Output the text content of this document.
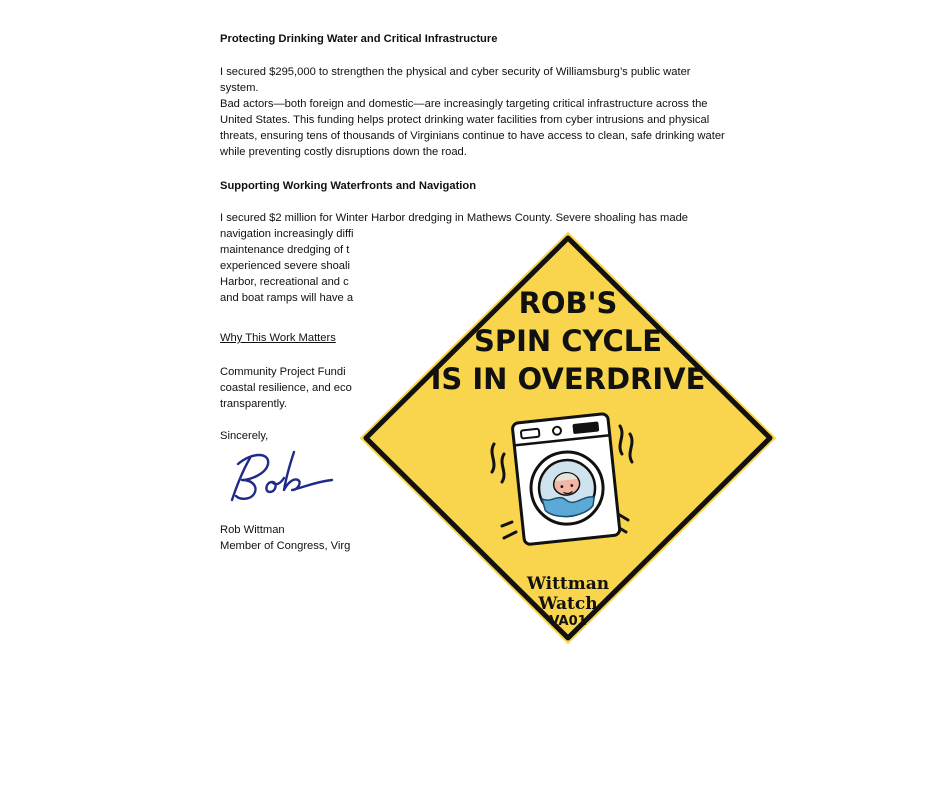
Protecting Drinking Water and Critical Infrastructure
I secured $295,000 to strengthen the physical and cyber security of Williamsburg’s public water
system.
Bad actors—both foreign and domestic—are increasingly targeting critical infrastructure across the
United States. This funding helps protect drinking water facilities from cyber intrusions and physical
threats, ensuring tens of thousands of Virginians continue to have access to clean, safe drinking water
while preventing costly disruptions down the road.
Supporting Working Waterfronts and Navigation
I secured $2 million for Winter Harbor dredging in Mathews County. Severe shoaling has made
navigation increasingly diffi
maintenance dredging of t
experienced severe shoali
Harbor, recreational and c
and boat ramps will have a
Why This Work Matters
Community Project Fundi
coastal resilience, and eco
transparently.
Sincerely,
Rob Wittman
Member of Congress, Virg
ROB'S
SPIN CYCLE
IS IN OVERDRIVE
Wittman
Watch
VA01
